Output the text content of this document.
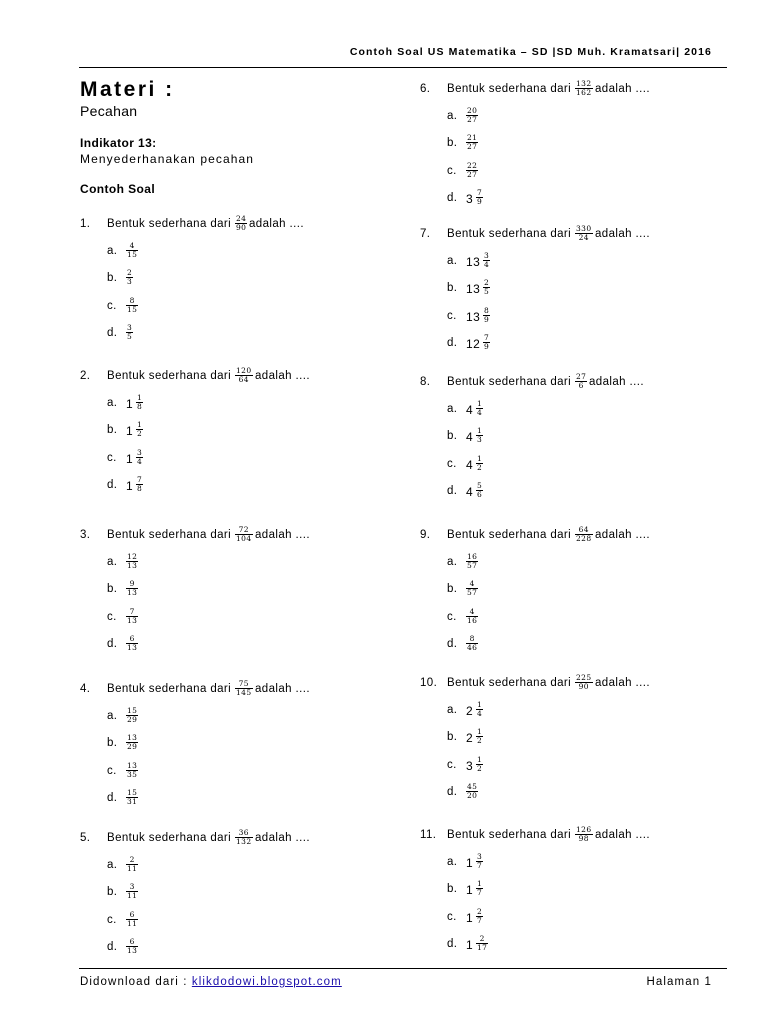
Contoh Soal US Matematika – SD |SD Muh. Kramatsari| 2016
Materi :
Pecahan
Indikator 13:
Menyederhanakan pecahan
Contoh Soal
1. Bentuk sederhana dari 24
90 adalah ....
a. 4
15
b. 2
3
c. 8
15
d. 3
5
2. Bentuk sederhana dari 120
64 adalah ....
a. 1 1
8
b. 1 1
2
c. 1 3
4
d. 1 7
8
3. Bentuk sederhana dari 72
104 adalah ....
a. 12
13
b. 9
13
c. 7
13
d. 6
13
4. Bentuk sederhana dari 75
145 adalah ....
a. 15
29
b. 13
29
c. 13
35
d. 15
31
5. Bentuk sederhana dari 36
132 adalah ....
a. 2
11
b. 3
11
c. 6
11
d. 6
13
6. Bentuk sederhana dari 132
162 adalah ....
a. 20
27
b. 21
27
c. 22
27
d. 3 7
9
7. Bentuk sederhana dari 330
24 adalah ....
a. 13 3
4
b. 13 2
5
c. 13 8
9
d. 12 7
9
8. Bentuk sederhana dari 27
6 adalah ....
a. 4 1
4
b. 4 1
3
c. 4 1
2
d. 4 5
6
9. Bentuk sederhana dari 64
228 adalah ....
a. 16
57
b. 4
57
c. 4
16
d. 8
46
10. Bentuk sederhana dari 225
90 adalah ....
a. 2 1
4
b. 2 1
2
c. 3 1
2
d. 45
20
11. Bentuk sederhana dari 126
98 adalah ....
a. 1 3
7
b. 1 1
7
c. 1 2
7
d. 1 2
17
Didownload dari : klikdodowi.blogspot.com	Halaman 1
